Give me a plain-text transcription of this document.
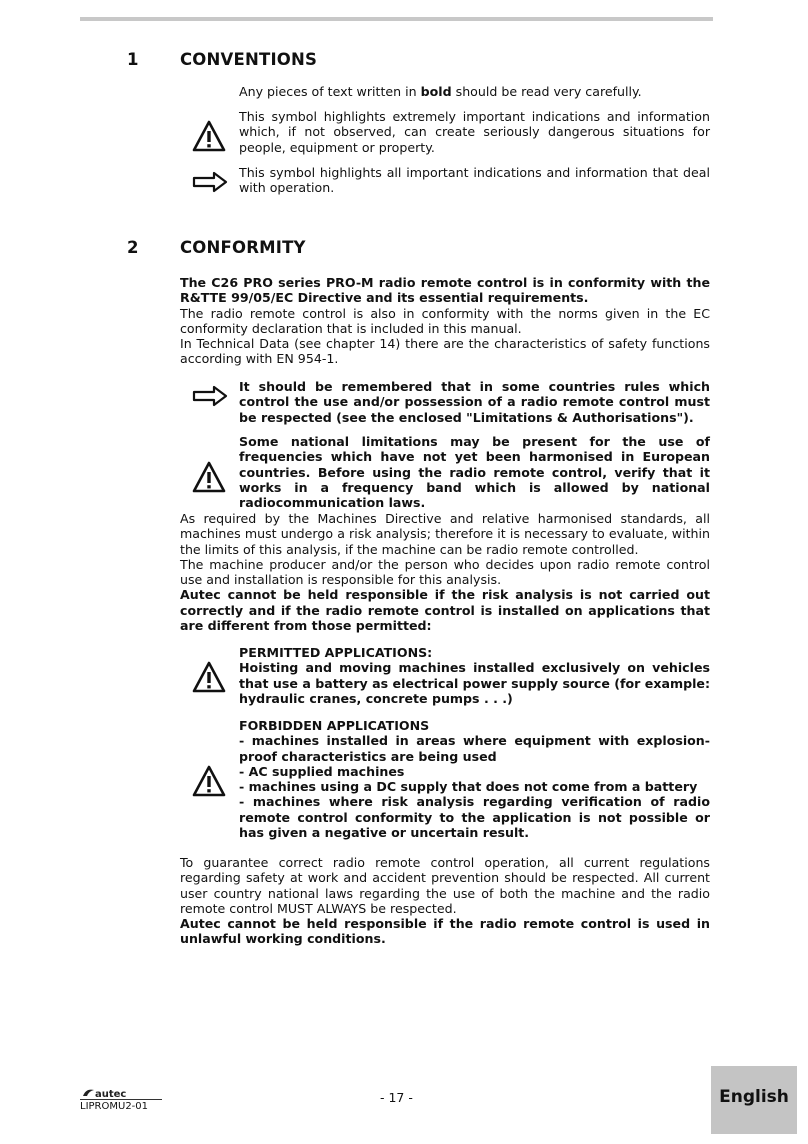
1	CONVENTIONS

Any pieces of text written in bold should be read very carefully.

This symbol highlights extremely important indications and information which, if not observed, can create seriously dangerous situations for people, equipment or property.

This symbol highlights all important indications and information that deal with operation.

2	CONFORMITY
The C26 PRO series PRO-M radio remote control is in conformity with the R&TTE 99/05/EC Directive and its essential requirements.
The radio remote control is also in conformity with the norms given in the EC conformity declaration that is included in this manual.
In Technical Data (see chapter 14) there are the characteristics of safety functions according with EN 954-1.

It should be remembered that in some countries rules which control the use and/or possession of a radio remote control must be respected (see the enclosed "Limitations & Authorisations").

Some national limitations may be present for the use of frequencies which have not yet been harmonised in European countries. Before using the radio remote control, verify that it works in a frequency band which is allowed by national radiocommunication laws.

As required by the Machines Directive and relative harmonised standards, all machines must undergo a risk analysis; therefore it is necessary to evaluate, within the limits of this analysis, if the machine can be radio remote controlled.
The machine producer and/or the person who decides upon radio remote control use and installation is responsible for this analysis.
Autec cannot be held responsible if the risk analysis is not carried out correctly and if the radio remote control is installed on applications that are different from those permitted:
PERMITTED APPLICATIONS:
Hoisting and moving machines installed exclusively on vehicles that use a battery as electrical power supply source (for example: hydraulic cranes, concrete pumps . . .)
FORBIDDEN APPLICATIONS
- machines installed in areas where equipment with explosion-proof characteristics are being used
- AC supplied machines
- machines using a DC supply that does not come from a battery
- machines where risk analysis regarding verification of radio remote control conformity to the application is not possible or has given a negative or uncertain result.
To guarantee correct radio remote control operation, all current regulations regarding safety at work and accident prevention should be respected. All current user country national laws regarding the use of both the machine and the radio remote control MUST ALWAYS be respected.
Autec cannot be held responsible if the radio remote control is used in unlawful working conditions.
autec
LIPROMU2-01
- 17 -	English
